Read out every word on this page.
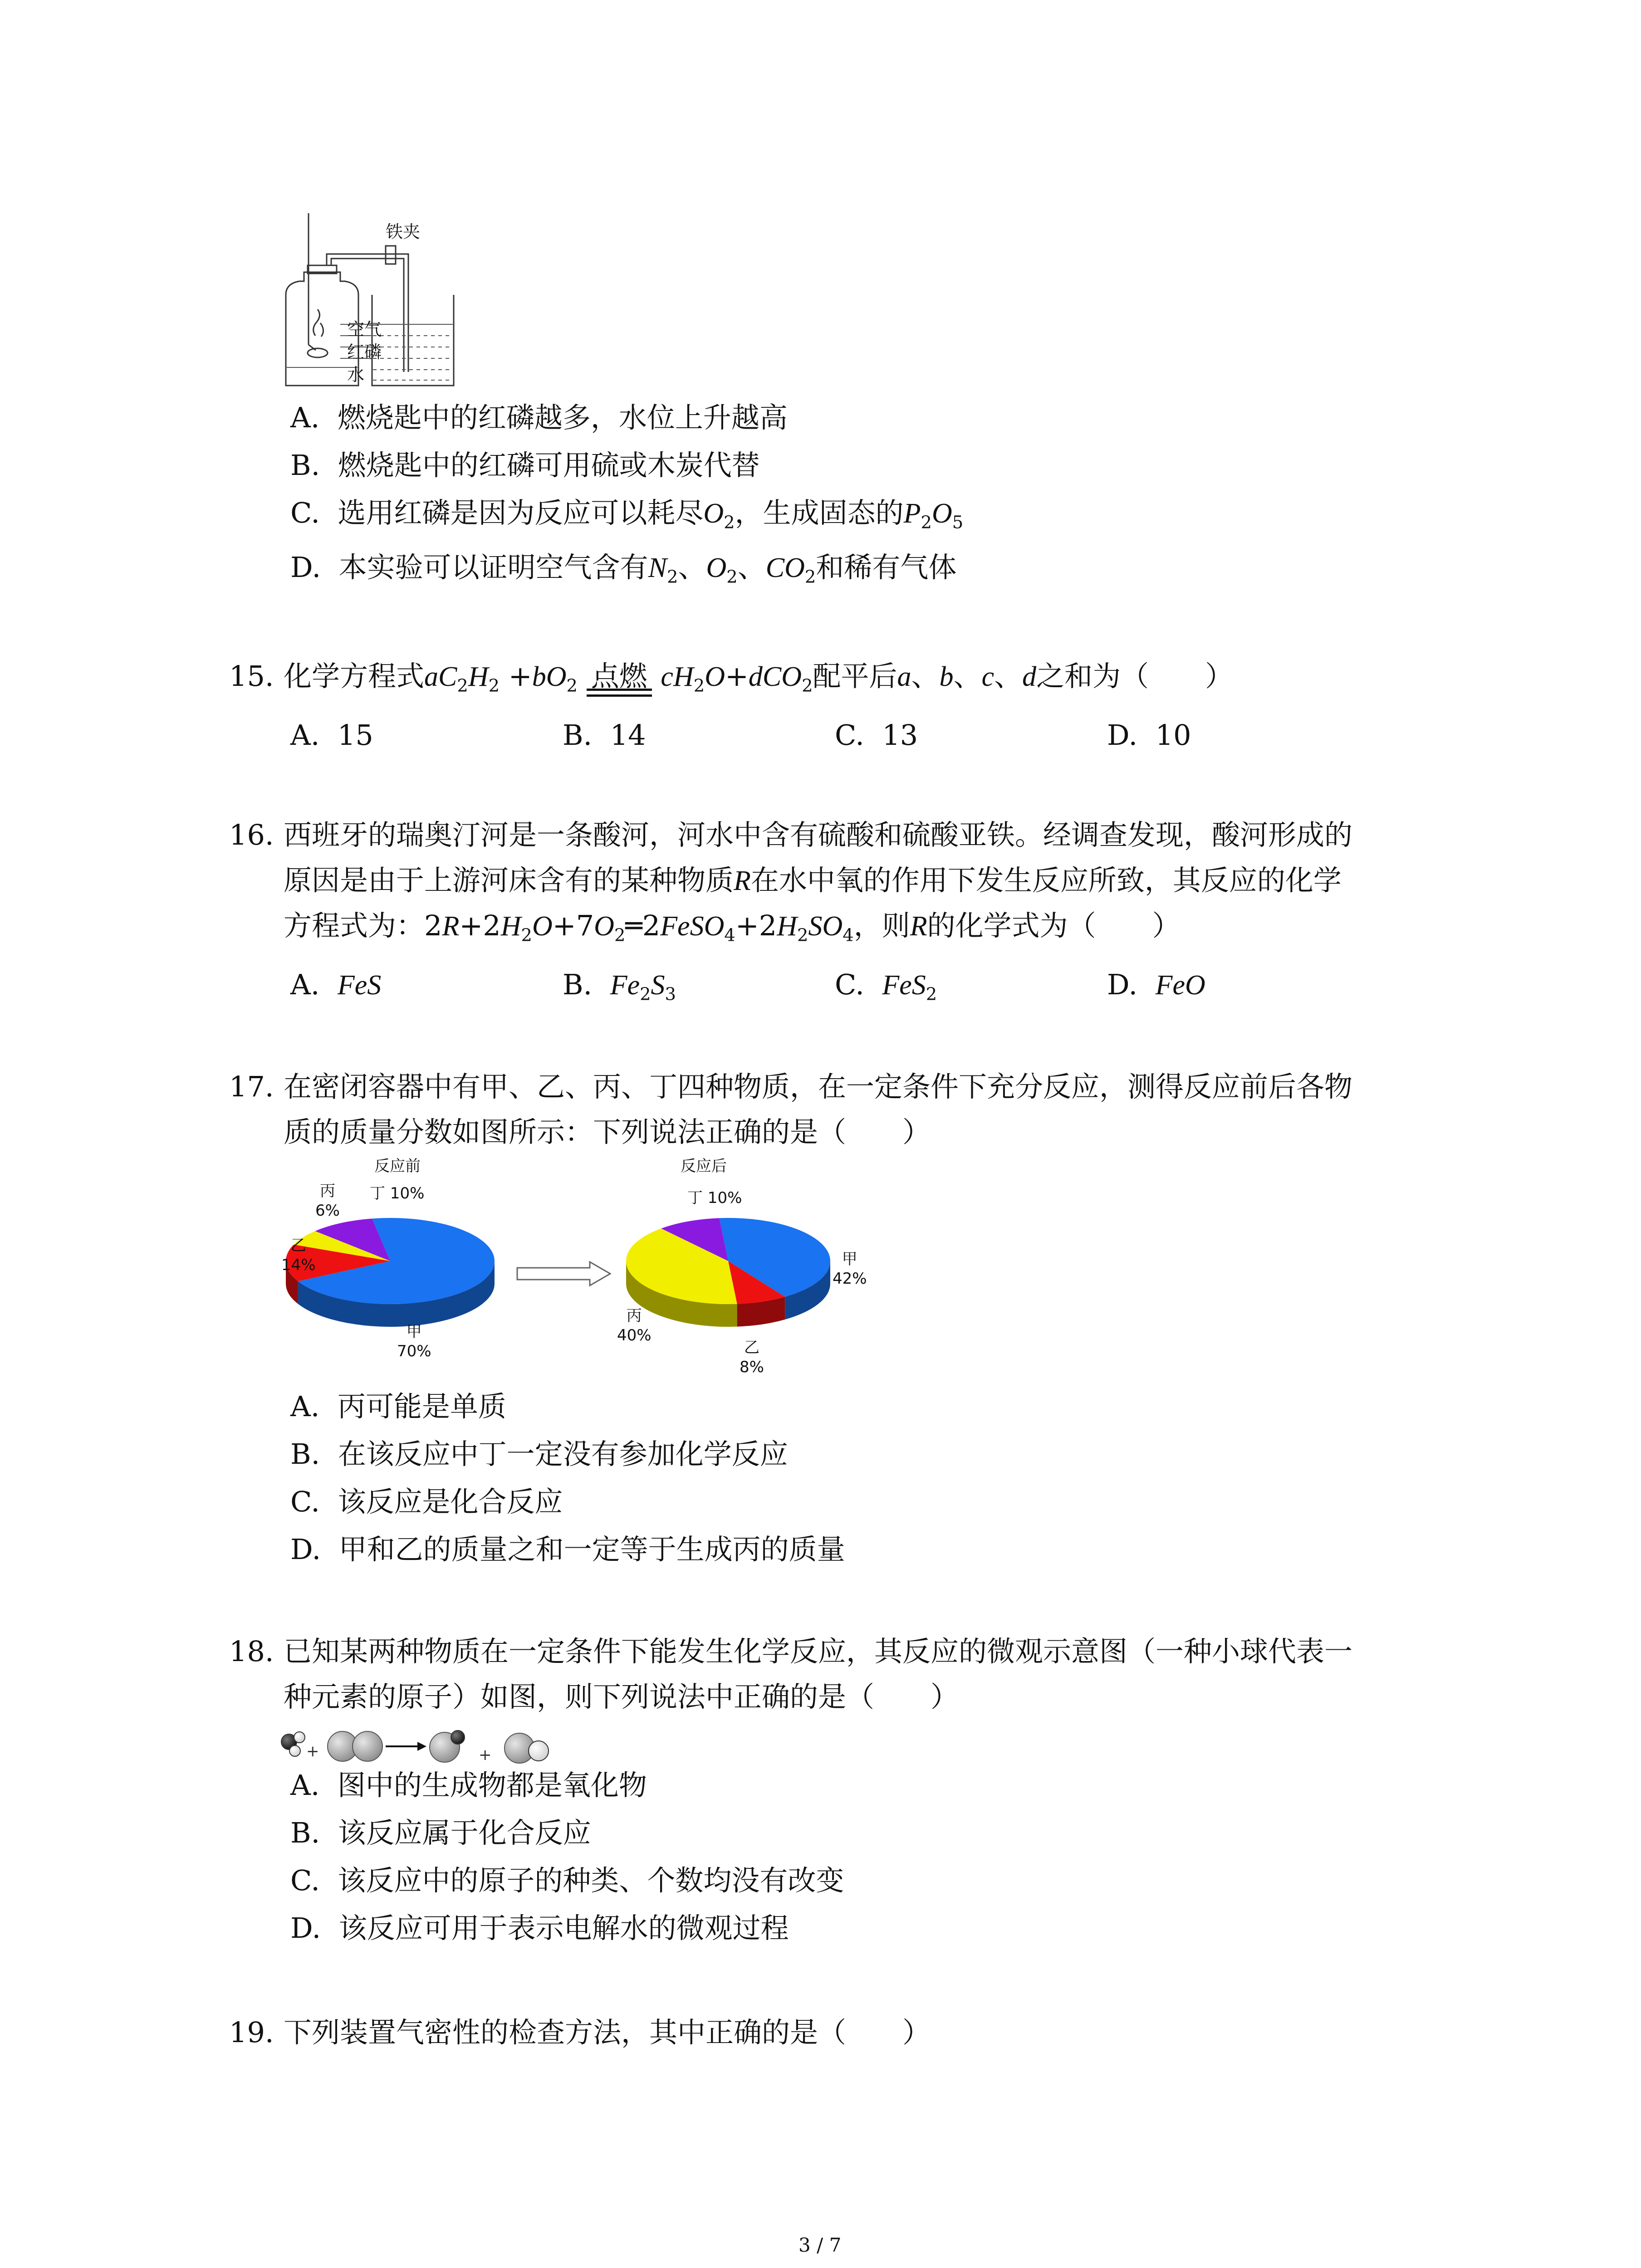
铁夹
空气
红磷
水
A. 燃烧匙中的红磷越多，水位上升越高
B. 燃烧匙中的红磷可用硫或木炭代替
C. 选用红磷是因为反应可以耗尽$O_2$，生成固态的$P_2O_5$
D. 本实验可以证明空气含有$N_2$、$O_2$、$CO_2$和稀有气体
15. 化学方程式$aC_2H_2 +bO_2$ 点燃 $cH_2O+dCO_2$配平后a、b、c、d之和为（　　）
A. 15	B. 14	C. 13	D. 10
16. 西班牙的瑞奥汀河是一条酸河，河水中含有硫酸和硫酸亚铁。经调查发现，酸河形成的
原因是由于上游河床含有的某种物质R在水中氧的作用下发生反应所致，其反应的化学
方程式为：$2R+2H_2O+7O_2═2FeSO_4+2H_2SO_4$，则R的化学式为（　　）
A. FeS	B. $Fe_2S_3$	C. FeS$_2$	D. FeO
17. 在密闭容器中有甲、乙、丙、丁四种物质，在一定条件下充分反应，测得反应前后各物
质的质量分数如图所示：下列说法正确的是（　　）
反应前
丙
6%
丁 10%
乙
14%
甲
70%
反应后
丁 10%
甲
42%
丙
40%
乙
8%
A. 丙可能是单质
B. 在该反应中丁一定没有参加化学反应
C. 该反应是化合反应
D. 甲和乙的质量之和一定等于生成丙的质量
18. 已知某两种物质在一定条件下能发生化学反应，其反应的微观示意图（一种小球代表一
种元素的原子）如图，则下列说法中正确的是（　　）
+	+
A. 图中的生成物都是氧化物
B. 该反应属于化合反应
C. 该反应中的原子的种类、个数均没有改变
D. 该反应可用于表示电解水的微观过程
19. 下列装置气密性的检查方法，其中正确的是（　　）
3 / 7
